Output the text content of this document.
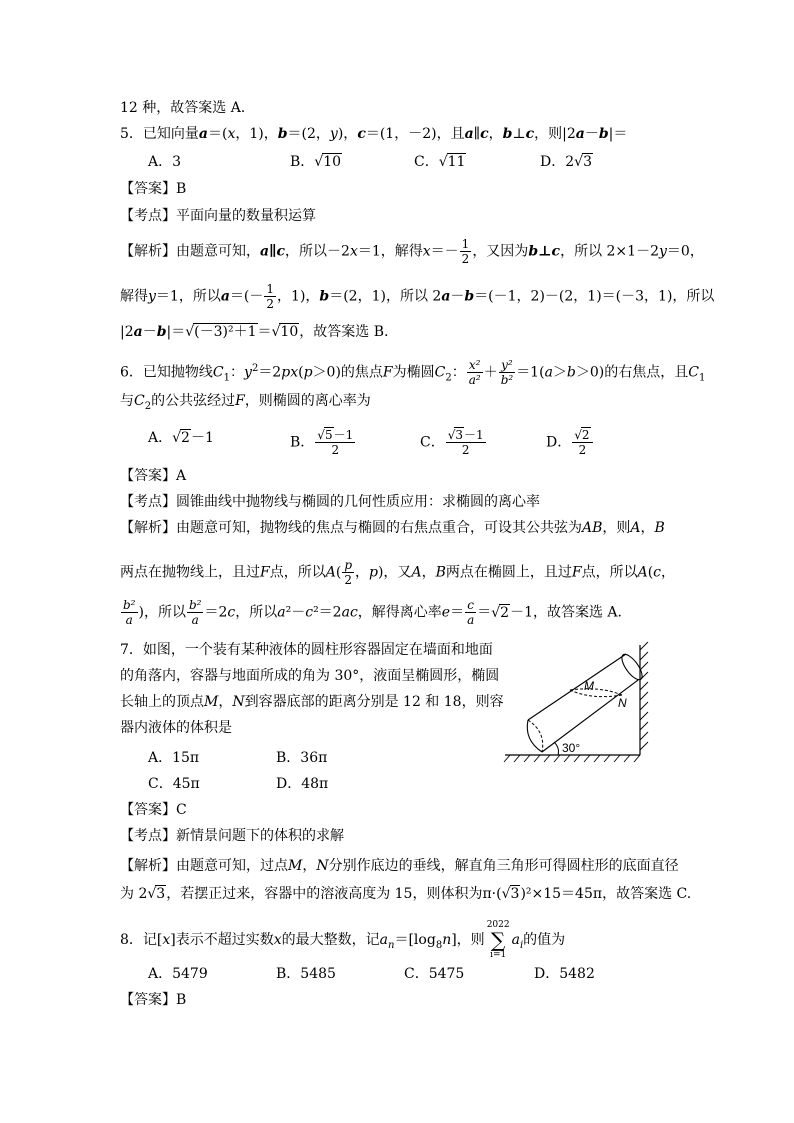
12 种，故答案选 A．
5．已知向量a＝(x，1)，b＝(2，y)，c＝(1，－2)，且a∥c，b⊥c，则|2a－b|＝
A．3	B．√10	C．√11	D．2√3
【答案】B
【考点】平面向量的数量积运算
【解析】由题意可知，a∥c，所以－2x＝1，解得$x=- \frac{1}{2}$ ，又因为b⊥c，所以 2×1－2y＝0，
解得y＝1，所以$a=(- \frac{1}{2}$ ，1)，b＝(2，1)，所以 2a－b＝(－1，2)－(2，1)＝(－3，1)，所以
|2a－b|＝√(－3)²＋1＝√10，故答案选 B.
6．已知抛物线$C_1$：$y^2=2px(p>0)$的焦点F为椭圆$C_2$： $\frac{\text{x²}}{\text{a²}} + \frac{\text{y²}}{\text{b²}} =1(a>b>0)$的右焦点，且$C_1$
与$C_2$的公共弦经过F，则椭圆的离心率为
A．√2－1	B． $\frac{√5-1}{2}$	C． $\frac{√3-1}{2}$	D． $\frac{√2}{2}$
【答案】A
【考点】圆锥曲线中抛物线与椭圆的几何性质应用：求椭圆的离心率
【解析】由题意可知，抛物线的焦点与椭圆的右焦点重合，可设其公共弦为AB，则A，B
两点在抛物线上，且过F点，所以$A( \frac{p}{2}$ ，p)，又A，B两点在椭圆上，且过F点，所以A(c，
$\frac{\text{b²}}{a}$ )，所以 $\frac{\text{b²}}{a} =2c$，所以a²－c²＝2ac，解得离心率$e= \frac{c}{a} =√2-1$，故答案选 A.
7．如图，一个装有某种液体的圆柱形容器固定在墙面和地面
的角落内，容器与地面所成的角为 30°，液面呈椭圆形，椭圆
长轴上的顶点M，N到容器底部的距离分别是 12 和 18，则容
器内液体的体积是
A．15π	B．36π
C．45π	D．48π
M
N
30°
【答案】C
【考点】新情景问题下的体积的求解
【解析】由题意可知，过点M，N分别作底边的垂线，解直角三角形可得圆柱形的底面直径
为 2√3，若摆正过来，容器中的溶液高度为 15，则体积为π·(√3)²×15＝45π，故答案选 C.
8．记[x]表示不超过实数x的最大整数，记$a_n=[\log_8n]$，则2022
∑
$i=1a_i$的值为
A．5479	B．5485	C．5475	D．5482
【答案】B
